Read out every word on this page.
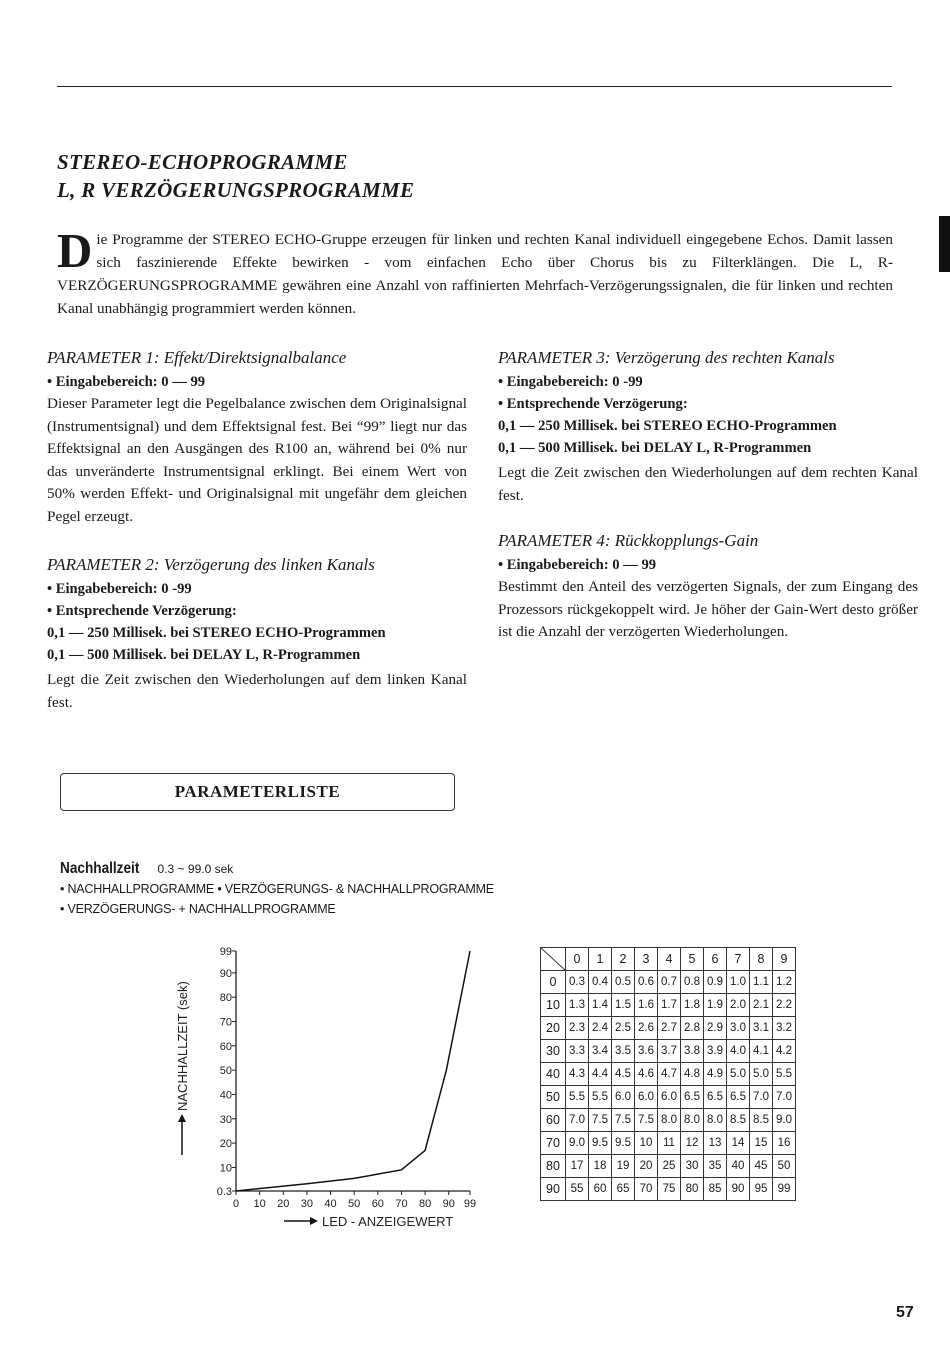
STEREO-ECHOPROGRAMME
L, R VERZÖGERUNGSPROGRAMME
Die Programme der STEREO ECHO-Gruppe erzeugen für linken und rechten Kanal individuell eingegebene Echos. Damit lassen sich faszinierende Effekte bewirken - vom einfachen Echo über Chorus bis zu Filterklängen. Die L, R-VERZÖGERUNGSPROGRAMME gewähren eine Anzahl von raffinierten Mehrfach-Verzögerungssignalen, die für linken und rechten Kanal unabhängig programmiert werden können.
PARAMETER 1: Effekt/Direktsignalbalance
• Eingabebereich: 0 — 99

Dieser Parameter legt die Pegelbalance zwischen dem Originalsignal (Instrumentsignal) und dem Effektsignal fest. Bei “99” liegt nur das Effektsignal an den Ausgängen des R100 an, während bei 0% nur das unveränderte Instrumentsignal erklingt. Bei einem Wert von 50% werden Effekt- und Originalsignal mit ungefähr dem gleichen Pegel erzeugt.

PARAMETER 2: Verzögerung des linken Kanals
• Eingabebereich: 0 -99
• Entsprechende Verzögerung:
0,1 — 250 Millisek. bei STEREO ECHO-Programmen
0,1 — 500 Millisek. bei DELAY L, R-Programmen

Legt die Zeit zwischen den Wiederholungen auf dem linken Kanal fest.

PARAMETER 3: Verzögerung des rechten Kanals
• Eingabebereich: 0 -99
• Entsprechende Verzögerung:
0,1 — 250 Millisek. bei STEREO ECHO-Programmen
0,1 — 500 Millisek. bei DELAY L, R-Programmen

Legt die Zeit zwischen den Wiederholungen auf dem rechten Kanal fest.

PARAMETER 4: Rückkopplungs-Gain
• Eingabebereich: 0 — 99

Bestimmt den Anteil des verzögerten Signals, der zum Eingang des Prozessors rückgekoppelt wird. Je höher der Gain-Wert desto größer ist die Anzahl der verzögerten Wiederholungen.

PARAMETERLISTE
Nachhallzeit 0.3 ~ 99.0 sek
• NACHHALLPROGRAMME • VERZÖGERUNGS- & NACHHALLPROGRAMME
• VERZÖGERUNGS- + NACHHALLPROGRAMME
0.3
10
20
30
40
50
60
70
80
90
99
0 10 20 30 40 50 60 70 80 90 99
LED - ANZEIGEWERT
NACHHALLZEIT (sek)
	0	1	2	3	4	5	6	7	8	9
0	0.3	0.4	0.5	0.6	0.7	0.8	0.9	1.0	1.1	1.2
10	1.3	1.4	1.5	1.6	1.7	1.8	1.9	2.0	2.1	2.2
20	2.3	2.4	2.5	2.6	2.7	2.8	2.9	3.0	3.1	3.2
30	3.3	3.4	3.5	3.6	3.7	3.8	3.9	4.0	4.1	4.2
40	4.3	4.4	4.5	4.6	4.7	4.8	4.9	5.0	5.0	5.5
50	5.5	5.5	6.0	6.0	6.0	6.5	6.5	6.5	7.0	7.0
60	7.0	7.5	7.5	7.5	8.0	8.0	8.0	8.5	8.5	9.0
70	9.0	9.5	9.5	10	11	12	13	14	15	16
80	17	18	19	20	25	30	35	40	45	50
90	55	60	65	70	75	80	85	90	95	99
57
